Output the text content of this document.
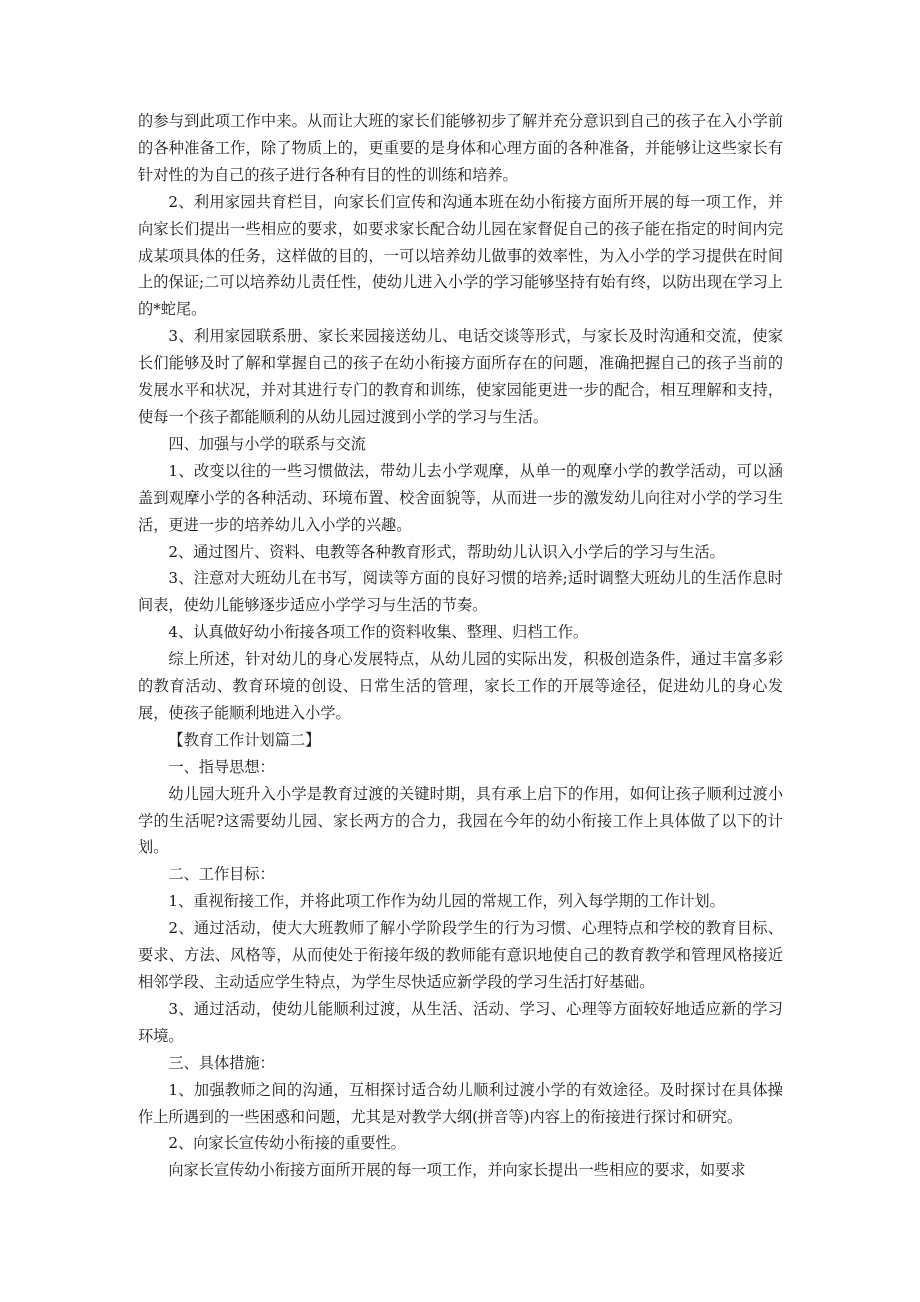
的参与到此项工作中来。从而让大班的家长们能够初步了解并充分意识到自己的孩子在入小学前的各种准备工作，除了物质上的，更重要的是身体和心理方面的各种准备，并能够让这些家长有针对性的为自己的孩子进行各种有目的性的训练和培养。

2、利用家园共育栏目，向家长们宣传和沟通本班在幼小衔接方面所开展的每一项工作，并向家长们提出一些相应的要求，如要求家长配合幼儿园在家督促自己的孩子能在指定的时间内完成某项具体的任务，这样做的目的，一可以培养幼儿做事的效率性，为入小学的学习提供在时间上的保证;二可以培养幼儿责任性，使幼儿进入小学的学习能够坚持有始有终，以防出现在学习上的*蛇尾。

3、利用家园联系册、家长来园接送幼儿、电话交谈等形式，与家长及时沟通和交流，使家长们能够及时了解和掌握自己的孩子在幼小衔接方面所存在的问题，准确把握自己的孩子当前的发展水平和状况，并对其进行专门的教育和训练，使家园能更进一步的配合，相互理解和支持，使每一个孩子都能顺利的从幼儿园过渡到小学的学习与生活。

四、加强与小学的联系与交流

1、改变以往的一些习惯做法，带幼儿去小学观摩，从单一的观摩小学的教学活动，可以涵盖到观摩小学的各种活动、环境布置、校舍面貌等，从而进一步的激发幼儿向往对小学的学习生活，更进一步的培养幼儿入小学的兴趣。

2、通过图片、资料、电教等各种教育形式，帮助幼儿认识入小学后的学习与生活。

3、注意对大班幼儿在书写，阅读等方面的良好习惯的培养;适时调整大班幼儿的生活作息时间表，使幼儿能够逐步适应小学学习与生活的节奏。

4、认真做好幼小衔接各项工作的资料收集、整理、归档工作。

综上所述，针对幼儿的身心发展特点，从幼儿园的实际出发，积极创造条件，通过丰富多彩的教育活动、教育环境的创设、日常生活的管理，家长工作的开展等途径，促进幼儿的身心发展，使孩子能顺利地进入小学。

【教育工作计划篇二】

一、指导思想：

幼儿园大班升入小学是教育过渡的关键时期，具有承上启下的作用，如何让孩子顺利过渡小学的生活呢?这需要幼儿园、家长两方的合力，我园在今年的幼小衔接工作上具体做了以下的计划。

二、工作目标：

1、重视衔接工作，并将此项工作作为幼儿园的常规工作，列入每学期的工作计划。

2、通过活动，使大大班教师了解小学阶段学生的行为习惯、心理特点和学校的教育目标、要求、方法、风格等，从而使处于衔接年级的教师能有意识地使自己的教育教学和管理风格接近相邻学段、主动适应学生特点，为学生尽快适应新学段的学习生活打好基础。

3、通过活动，使幼儿能顺利过渡，从生活、活动、学习、心理等方面较好地适应新的学习环境。

三、具体措施：

1、加强教师之间的沟通，互相探讨适合幼儿顺利过渡小学的有效途径。及时探讨在具体操作上所遇到的一些困惑和问题，尤其是对教学大纲(拼音等)内容上的衔接进行探讨和研究。

2、向家长宣传幼小衔接的重要性。

向家长宣传幼小衔接方面所开展的每一项工作，并向家长提出一些相应的要求，如要求
